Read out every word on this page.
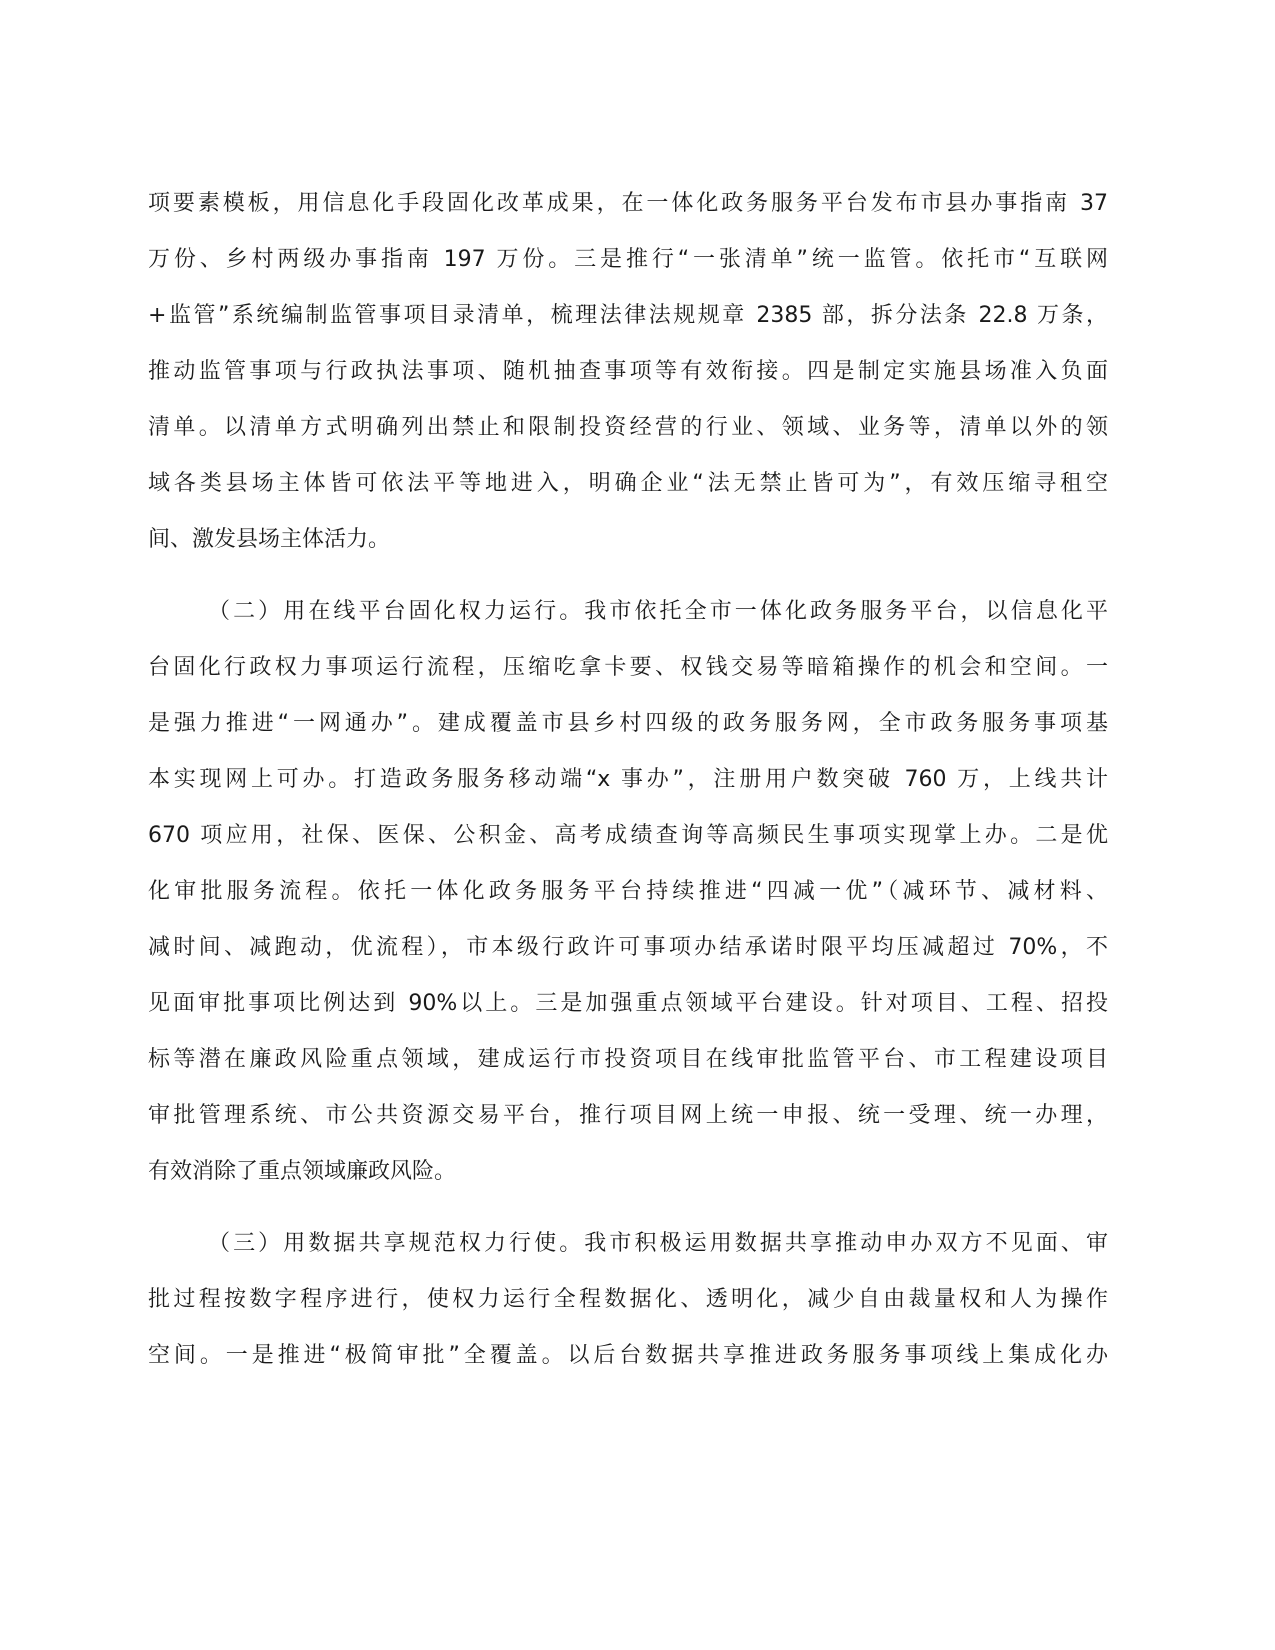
项要素模板，用信息化手段固化改革成果，在一体化政务服务平台发布市县办事指南 37
万份、乡村两级办事指南 197 万份。三是推行“一张清单”统一监管。依托市“互联网
+监管”系统编制监管事项目录清单，梳理法律法规规章 2385 部，拆分法条 22.8 万条，
推动监管事项与行政执法事项、随机抽查事项等有效衔接。四是制定实施县场准入负面
清单。以清单方式明确列出禁止和限制投资经营的行业、领域、业务等，清单以外的领
域各类县场主体皆可依法平等地进入，明确企业“法无禁止皆可为”，有效压缩寻租空
间、激发县场主体活力。
（二）用在线平台固化权力运行。我市依托全市一体化政务服务平台，以信息化平
台固化行政权力事项运行流程，压缩吃拿卡要、权钱交易等暗箱操作的机会和空间。一
是强力推进“一网通办”。建成覆盖市县乡村四级的政务服务网，全市政务服务事项基
本实现网上可办。打造政务服务移动端“x 事办”，注册用户数突破 760 万，上线共计
670 项应用，社保、医保、公积金、高考成绩查询等高频民生事项实现掌上办。二是优
化审批服务流程。依托一体化政务服务平台持续推进“四减一优”（减环节、减材料、
减时间、减跑动，优流程），市本级行政许可事项办结承诺时限平均压减超过 70%，不
见面审批事项比例达到 90%以上。三是加强重点领域平台建设。针对项目、工程、招投
标等潜在廉政风险重点领域，建成运行市投资项目在线审批监管平台、市工程建设项目
审批管理系统、市公共资源交易平台，推行项目网上统一申报、统一受理、统一办理，
有效消除了重点领域廉政风险。
（三）用数据共享规范权力行使。我市积极运用数据共享推动申办双方不见面、审
批过程按数字程序进行，使权力运行全程数据化、透明化，减少自由裁量权和人为操作
空间。一是推进“极简审批”全覆盖。以后台数据共享推进政务服务事项线上集成化办
